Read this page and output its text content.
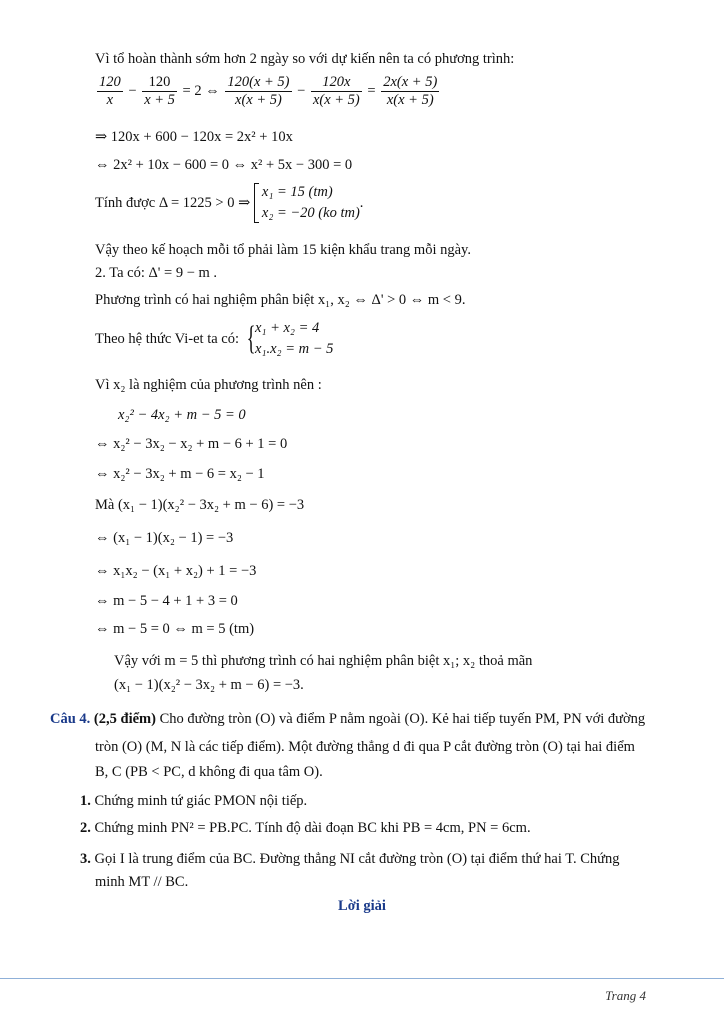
Vì tổ hoàn thành sớm hơn 2 ngày so với dự kiến nên ta có phương trình:
$\frac{120}{x} - \frac{120}{x + 5} = 2$ ⇔ $\frac{120(x + 5)}{x(x + 5)} - \frac{120x}{x(x + 5)} = \frac{2x(x + 5)}{x(x + 5)}$
⇒ 120x + 600 − 120x = 2x² + 10x
⇔ 2x² + 10x − 600 = 0 ⇔ x² + 5x − 300 = 0
Tính được Δ = 1225 > 0 ⇒
x₁ = 15 (tm)
x₂ = −20 (ko tm)
.
Vậy theo kế hoạch mỗi tổ phải làm 15 kiện khẩu trang mỗi ngày.
2. Ta có: Δ' = 9 − m .
Phương trình có hai nghiệm phân biệt x₁, x₂ ⇔ Δ' > 0 ⇔ m < 9.
Theo hệ thức Vi-et ta có: { x₁ + x₂ = 4
x₁.x₂ = m − 5
Vì x₂ là nghiệm của phương trình nên :
x₂² − 4x₂ + m − 5 = 0
⇔ x₂² − 3x₂ − x₂ + m − 6 + 1 = 0
⇔ x₂² − 3x₂ + m − 6 = x₂ − 1
Mà (x₁ − 1)(x₂² − 3x₂ + m − 6) = −3
⇔ (x₁ − 1)(x₂ − 1) = −3
⇔ x₁x₂ − (x₁ + x₂) + 1 = −3
⇔ m − 5 − 4 + 1 + 3 = 0
⇔ m − 5 = 0 ⇔ m = 5 (tm)
Vậy với m = 5 thì phương trình có hai nghiệm phân biệt x₁; x₂ thoả mãn
(x₁ − 1)(x₂² − 3x₂ + m − 6) = −3.
Câu 4. (2,5 điểm) Cho đường tròn (O) và điểm P nằm ngoài (O). Kẻ hai tiếp tuyến PM, PN với đường
tròn (O) (M, N là các tiếp điểm). Một đường thẳng d đi qua P cắt đường tròn (O) tại hai điểm
B, C (PB < PC, d không đi qua tâm O).
1. Chứng minh tứ giác PMON nội tiếp.
2. Chứng minh PN² = PB.PC. Tính độ dài đoạn BC khi PB = 4cm, PN = 6cm.
3. Gọi I là trung điểm của BC. Đường thẳng NI cắt đường tròn (O) tại điểm thứ hai T. Chứng
minh MT // BC.
Lời giải
Trang 4
